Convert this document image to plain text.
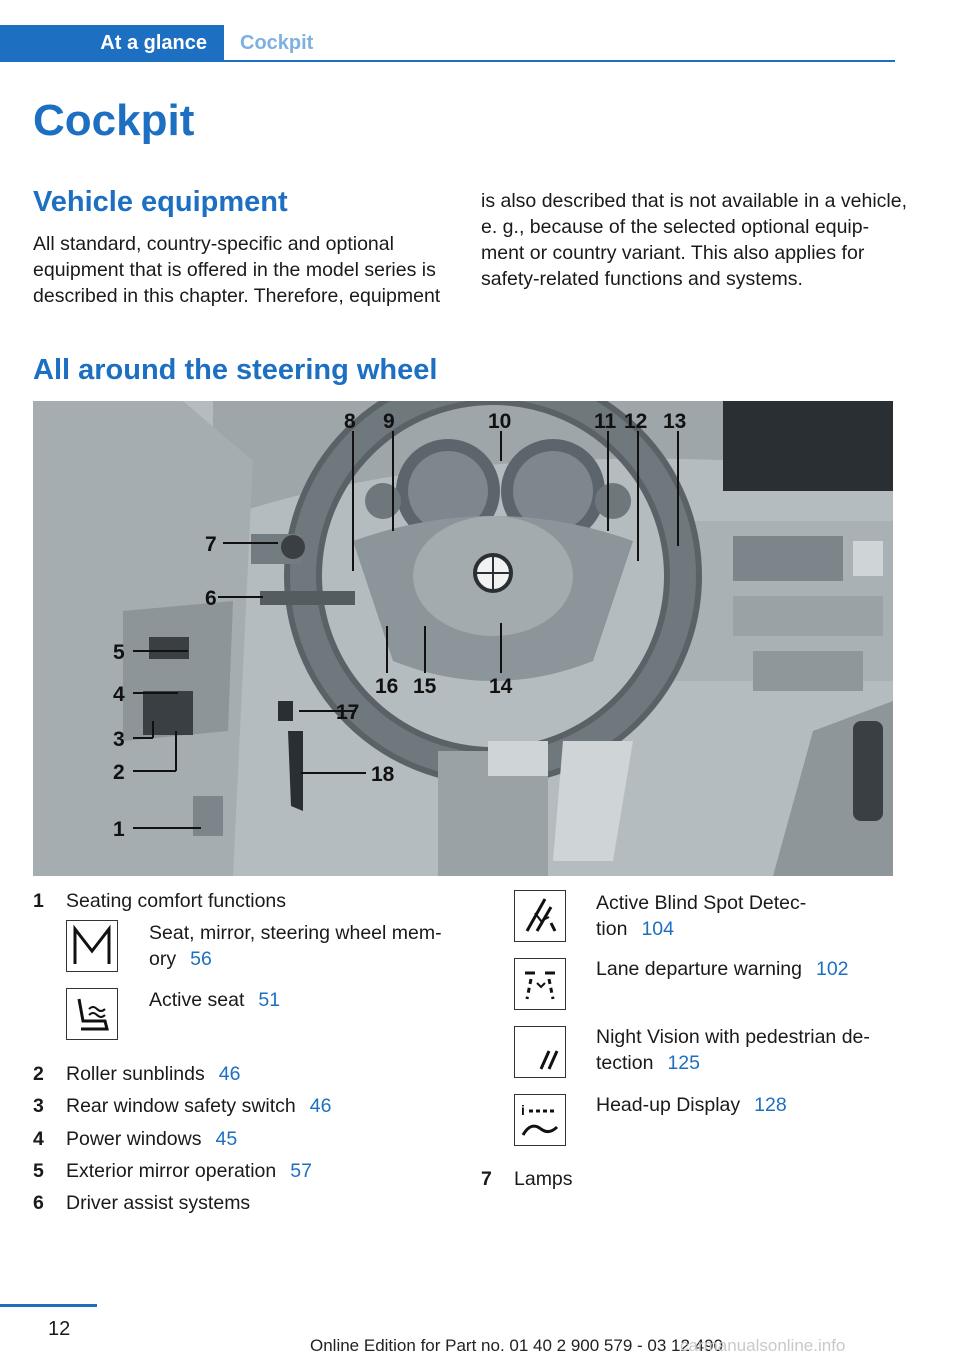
At a glance Cockpit
Cockpit
Vehicle equipment
All standard, country-specific and optional
equipment that is offered in the model series is
described in this chapter. Therefore, equipment
is also described that is not available in a vehicle,
e. g., because of the selected optional equip-
ment or country variant. This also applies for
safety-related functions and systems.
All around the steering wheel
8 9	10	11 12 13
7
6
5
4
3
2
1
14
15
16
17
18
1 Seating comfort functions
Seat, mirror, steering wheel mem-
ory 56
Active seat 51
2 Roller sunblinds 46
3 Rear window safety switch 46
4 Power windows 45
5 Exterior mirror operation 57
6 Driver assist systems
Active Blind Spot Detec-
tion 104
Lane departure warning 102
Night Vision with pedestrian de-
tection 125
i	Head-up Display 128
7 Lamps
12
Online Edition for Part no. 01 40 2 900 579 - 03 12 490
carmanualsonline.info
